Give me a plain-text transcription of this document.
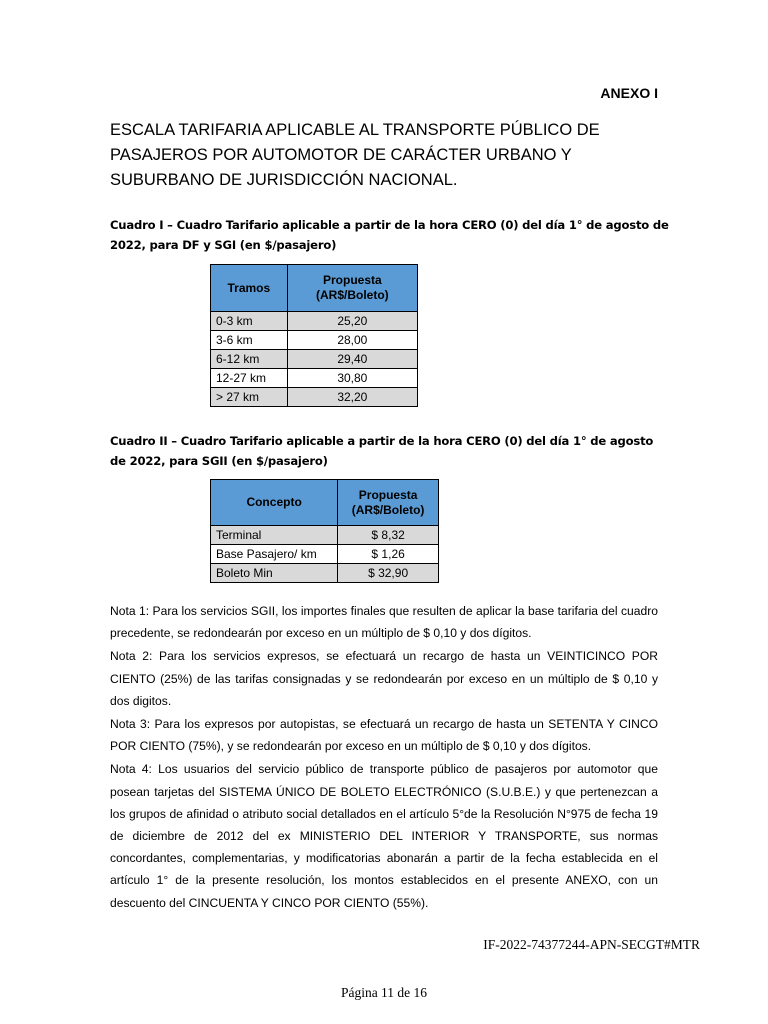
ANEXO I
ESCALA TARIFARIA APLICABLE AL TRANSPORTE PÚBLICO DE PASAJEROS POR AUTOMOTOR DE CARÁCTER URBANO Y SUBURBANO DE JURISDICCIÓN NACIONAL.

Cuadro I – Cuadro Tarifario aplicable a partir de la hora CERO (0) del día 1° de agosto de 2022, para DF y SGI (en $/pasajero)

Tramos	Propuesta (AR$/Boleto)
0-3 km	25,20
3-6 km	28,00
6-12 km	29,40
12-27 km	30,80
> 27 km	32,20

Cuadro II – Cuadro Tarifario aplicable a partir de la hora CERO (0) del día 1° de agosto de 2022, para SGII (en $/pasajero)

Concepto	Propuesta (AR$/Boleto)
Terminal	$ 8,32
Base Pasajero/ km	$ 1,26
Boleto Min	$ 32,90

Nota 1: Para los servicios SGII, los importes finales que resulten de aplicar la base tarifaria del cuadro precedente, se redondearán por exceso en un múltiplo de $ 0,10 y dos dígitos.

Nota 2: Para los servicios expresos, se efectuará un recargo de hasta un VEINTICINCO POR CIENTO (25%) de las tarifas consignadas y se redondearán por exceso en un múltiplo de $ 0,10 y dos digitos.

Nota 3: Para los expresos por autopistas, se efectuará un recargo de hasta un SETENTA Y CINCO POR CIENTO (75%), y se redondearán por exceso en un múltiplo de $ 0,10 y dos dígitos.

Nota 4: Los usuarios del servicio público de transporte público de pasajeros por automotor que posean tarjetas del SISTEMA ÚNICO DE BOLETO ELECTRÓNICO (S.U.B.E.) y que pertenezcan a los grupos de afinidad o atributo social detallados en el artículo 5°de la Resolución N°975 de fecha 19 de diciembre de 2012 del ex MINISTERIO DEL INTERIOR Y TRANSPORTE, sus normas concordantes, complementarias, y modificatorias abonarán a partir de la fecha establecida en el artículo 1° de la presente resolución, los montos establecidos en el presente ANEXO, con un descuento del CINCUENTA Y CINCO POR CIENTO (55%).

IF-2022-74377244-APN-SECGT#MTR
Página 11 de 16
